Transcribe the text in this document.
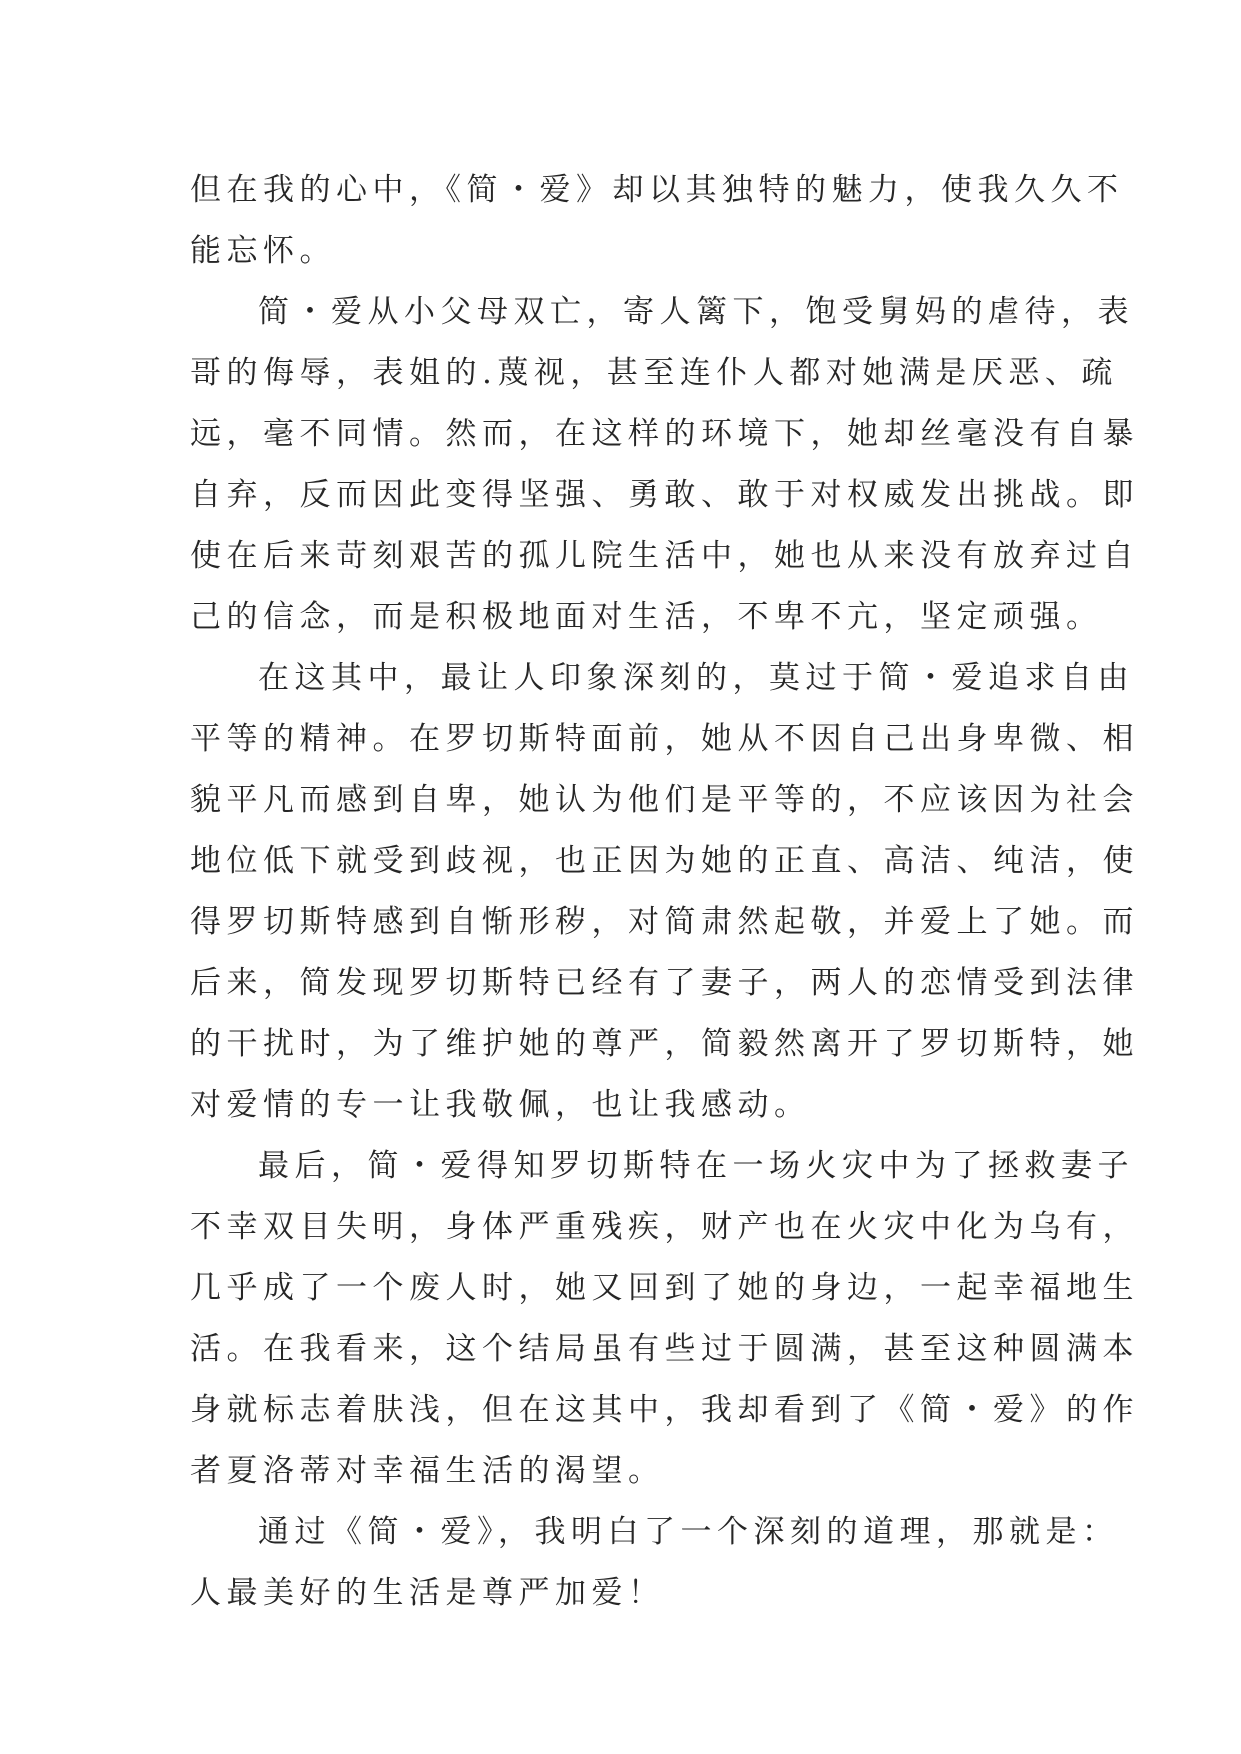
但在我的心中，《简・爱》却以其独特的魅力，使我久久不
能忘怀。
简・爱从小父母双亡，寄人篱下，饱受舅妈的虐待，表
哥的侮辱，表姐的.蔑视，甚至连仆人都对她满是厌恶、疏
远，毫不同情。然而，在这样的环境下，她却丝毫没有自暴
自弃，反而因此变得坚强、勇敢、敢于对权威发出挑战。即
使在后来苛刻艰苦的孤儿院生活中，她也从来没有放弃过自
己的信念，而是积极地面对生活，不卑不亢，坚定顽强。
在这其中，最让人印象深刻的，莫过于简・爱追求自由
平等的精神。在罗切斯特面前，她从不因自己出身卑微、相
貌平凡而感到自卑，她认为他们是平等的，不应该因为社会
地位低下就受到歧视，也正因为她的正直、高洁、纯洁，使
得罗切斯特感到自惭形秽，对简肃然起敬，并爱上了她。而
后来，简发现罗切斯特已经有了妻子，两人的恋情受到法律
的干扰时，为了维护她的尊严，简毅然离开了罗切斯特，她
对爱情的专一让我敬佩，也让我感动。
最后，简・爱得知罗切斯特在一场火灾中为了拯救妻子
不幸双目失明，身体严重残疾，财产也在火灾中化为乌有，
几乎成了一个废人时，她又回到了她的身边，一起幸福地生
活。在我看来，这个结局虽有些过于圆满，甚至这种圆满本
身就标志着肤浅，但在这其中，我却看到了《简・爱》的作
者夏洛蒂对幸福生活的渴望。
通过《简・爱》，我明白了一个深刻的道理，那就是：
人最美好的生活是尊严加爱！
